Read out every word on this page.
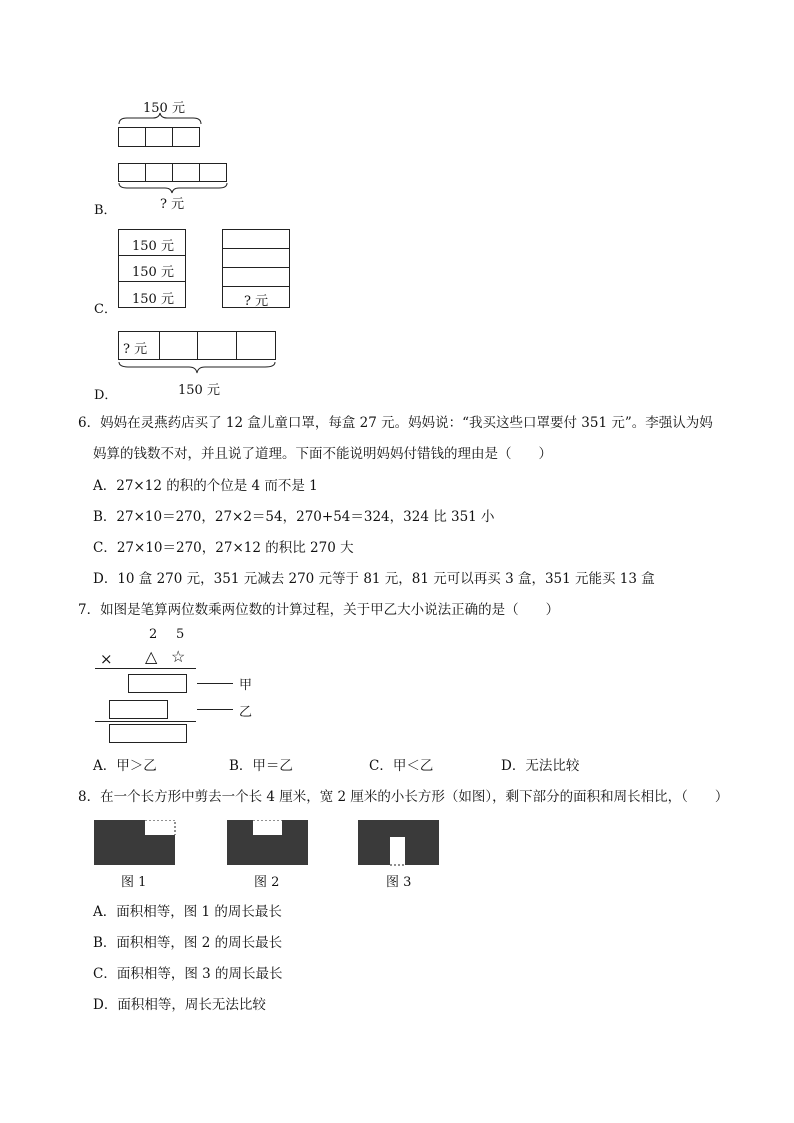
150 元
? 元
B．
150 元
150 元
150 元	? 元
C．
? 元
150 元
D．
6．妈妈在灵燕药店买了 12 盒儿童口罩，每盒 27 元。妈妈说：“我买这些口罩要付 351 元”。李强认为妈
妈算的钱数不对，并且说了道理。下面不能说明妈妈付错钱的理由是（　　）
A．27×12 的积的个位是 4 而不是 1
B．27×10＝270，27×2＝54，270+54＝324，324 比 351 小
C．27×10＝270，27×12 的积比 270 大
D．10 盒 270 元，351 元减去 270 元等于 81 元，81 元可以再买 3 盒，351 元能买 13 盒
7．如图是笔算两位数乘两位数的计算过程，关于甲乙大小说法正确的是（　　）
2 5
× △ ☆
甲
乙
A．甲＞乙	B．甲＝乙	C．甲＜乙	D．无法比较
8．在一个长方形中剪去一个长 4 厘米，宽 2 厘米的小长方形（如图），剩下部分的面积和周长相比，（　　）
图 1	图 2	图 3
A．面积相等，图 1 的周长最长
B．面积相等，图 2 的周长最长
C．面积相等，图 3 的周长最长
D．面积相等，周长无法比较
